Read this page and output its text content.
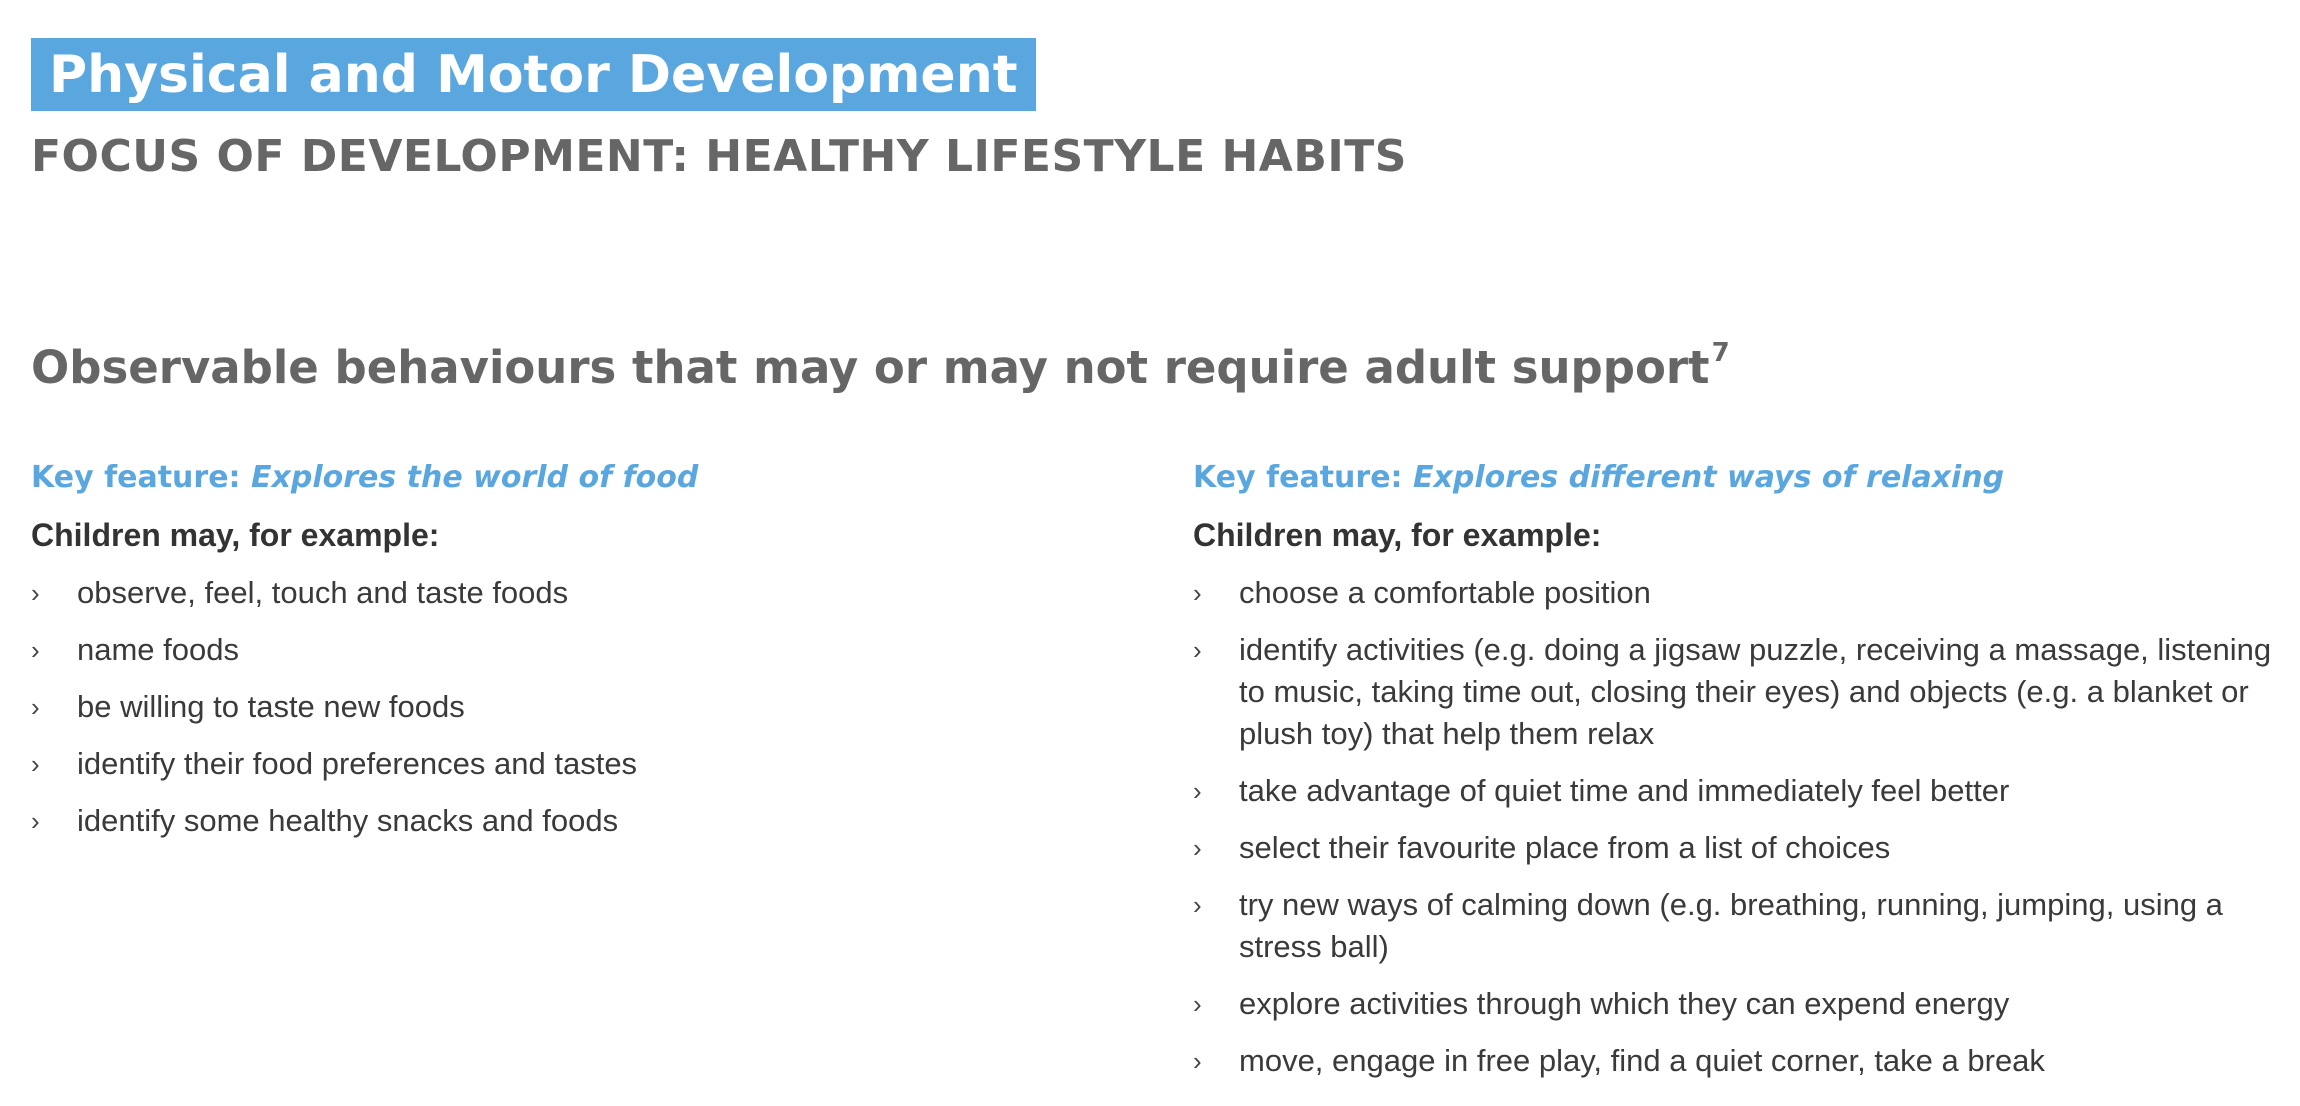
Physical and Motor Development
FOCUS OF DEVELOPMENT: HEALTHY LIFESTYLE HABITS
Observable behaviours that may or may not require adult support$^7$
Key feature: Explores the world of food
Children may, for example:
› observe, feel, touch and taste foods
› name foods
› be willing to taste new foods
› identify their food preferences and tastes
› identify some healthy snacks and foods
Key feature: Explores different ways of relaxing
Children may, for example:
› choose a comfortable position
› identify activities (e.g. doing a jigsaw puzzle, receiving a massage, listening to music, taking time out, closing their eyes) and objects (e.g. a blanket or plush toy) that help them relax
› take advantage of quiet time and immediately feel better
› select their favourite place from a list of choices
› try new ways of calming down (e.g. breathing, running, jumping, using a stress ball)
› explore activities through which they can expend energy
› move, engage in free play, find a quiet corner, take a break
